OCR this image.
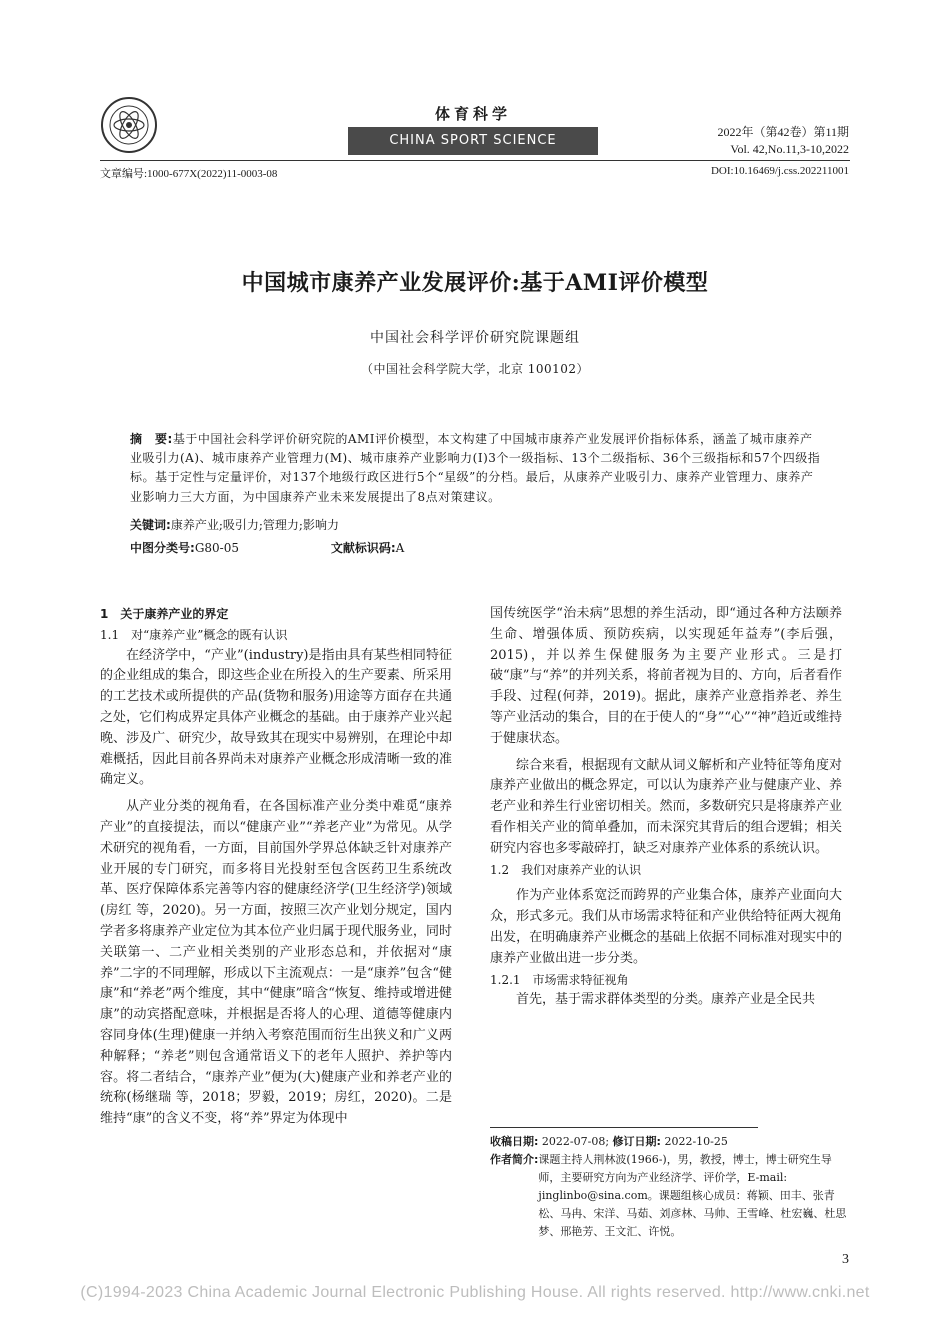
体育科学
CHINA SPORT SCIENCE
2022年（第42卷）第11期
Vol. 42,No.11,3-10,2022
文章编号:1000-677X(2022)11-0003-08	DOI:10.16469/j.css.202211001
中国城市康养产业发展评价:基于AMI评价模型
中国社会科学评价研究院课题组
（中国社会科学院大学，北京 100102）
摘　要:基于中国社会科学评价研究院的AMI评价模型，本文构建了中国城市康养产业发展评价指标体系，涵盖了城市康养产业吸引力(A)、城市康养产业管理力(M)、城市康养产业影响力(I)3个一级指标、13个二级指标、36个三级指标和57个四级指标。基于定性与定量评价，对137个地级行政区进行5个“星级”的分档。最后，从康养产业吸引力、康养产业管理力、康养产业影响力三大方面，为中国康养产业未来发展提出了8点对策建议。
关键词:康养产业;吸引力;管理力;影响力
中图分类号:G80-05	文献标识码:A

1　关于康养产业的界定

1.1　对“康养产业”概念的既有认识

在经济学中，“产业”(industry)是指由具有某些相同特征的企业组成的集合，即这些企业在所投入的生产要素、所采用的工艺技术或所提供的产品(货物和服务)用途等方面存在共通之处，它们构成界定具体产业概念的基础。由于康养产业兴起晚、涉及广、研究少，故导致其在现实中易辨别，在理论中却难概括，因此目前各界尚未对康养产业概念形成清晰一致的准确定义。

从产业分类的视角看，在各国标准产业分类中难觅“康养产业”的直接提法，而以“健康产业”“养老产业”为常见。从学术研究的视角看，一方面，目前国外学界总体缺乏针对康养产业开展的专门研究，而多将目光投射至包含医药卫生系统改革、医疗保障体系完善等内容的健康经济学(卫生经济学)领域(房红 等，2020)。另一方面，按照三次产业划分规定，国内学者多将康养产业定位为其本位产业归属于现代服务业，同时关联第一、二产业相关类别的产业形态总和，并依据对“康养”二字的不同理解，形成以下主流观点：一是“康养”包含“健康”和“养老”两个维度，其中“健康”暗含“恢复、维持或增进健康”的动宾搭配意味，并根据是否将人的心理、道德等健康内容同身体(生理)健康一并纳入考察范围而衍生出狭义和广义两种解释；“养老”则包含通常语义下的老年人照护、养护等内容。将二者结合，“康养产业”便为(大)健康产业和养老产业的统称(杨继瑞 等，2018；罗毅，2019；房红，2020)。二是维持“康”的含义不变，将“养”界定为体现中

国传统医学“治未病”思想的养生活动，即“通过各种方法颐养生命、增强体质、预防疾病，以实现延年益寿”(李后强，2015)，并以养生保健服务为主要产业形式。三是打破“康”与“养”的并列关系，将前者视为目的、方向，后者看作手段、过程(何莽，2019)。据此，康养产业意指养老、养生等产业活动的集合，目的在于使人的“身”“心”“神”趋近或维持于健康状态。

综合来看，根据现有文献从词义解析和产业特征等角度对康养产业做出的概念界定，可以认为康养产业与健康产业、养老产业和养生行业密切相关。然而，多数研究只是将康养产业看作相关产业的简单叠加，而未深究其背后的组合逻辑；相关研究内容也多零敲碎打，缺乏对康养产业体系的系统认识。

1.2　我们对康养产业的认识

作为产业体系宽泛而跨界的产业集合体，康养产业面向大众，形式多元。我们从市场需求特征和产业供给特征两大视角出发，在明确康养产业概念的基础上依据不同标准对现实中的康养产业做出进一步分类。

1.2.1　市场需求特征视角

首先，基于需求群体类型的分类。康养产业是全民共

收稿日期: 2022-07-08; 修订日期: 2022-10-25
作者简介: 课题主持人荆林波(1966-)，男，教授，博士，博士研究生导师，主要研究方向为产业经济学、评价学，E-mail: jinglinbo@sina.com。课题组核心成员：蒋颖、田丰、张青松、马冉、宋洋、马茹、刘彦林、马帅、王雪峰、杜宏巍、杜思梦、邢艳芳、王文汇、许悦。
3
(C)1994-2023 China Academic Journal Electronic Publishing House. All rights reserved. http://www.cnki.net
